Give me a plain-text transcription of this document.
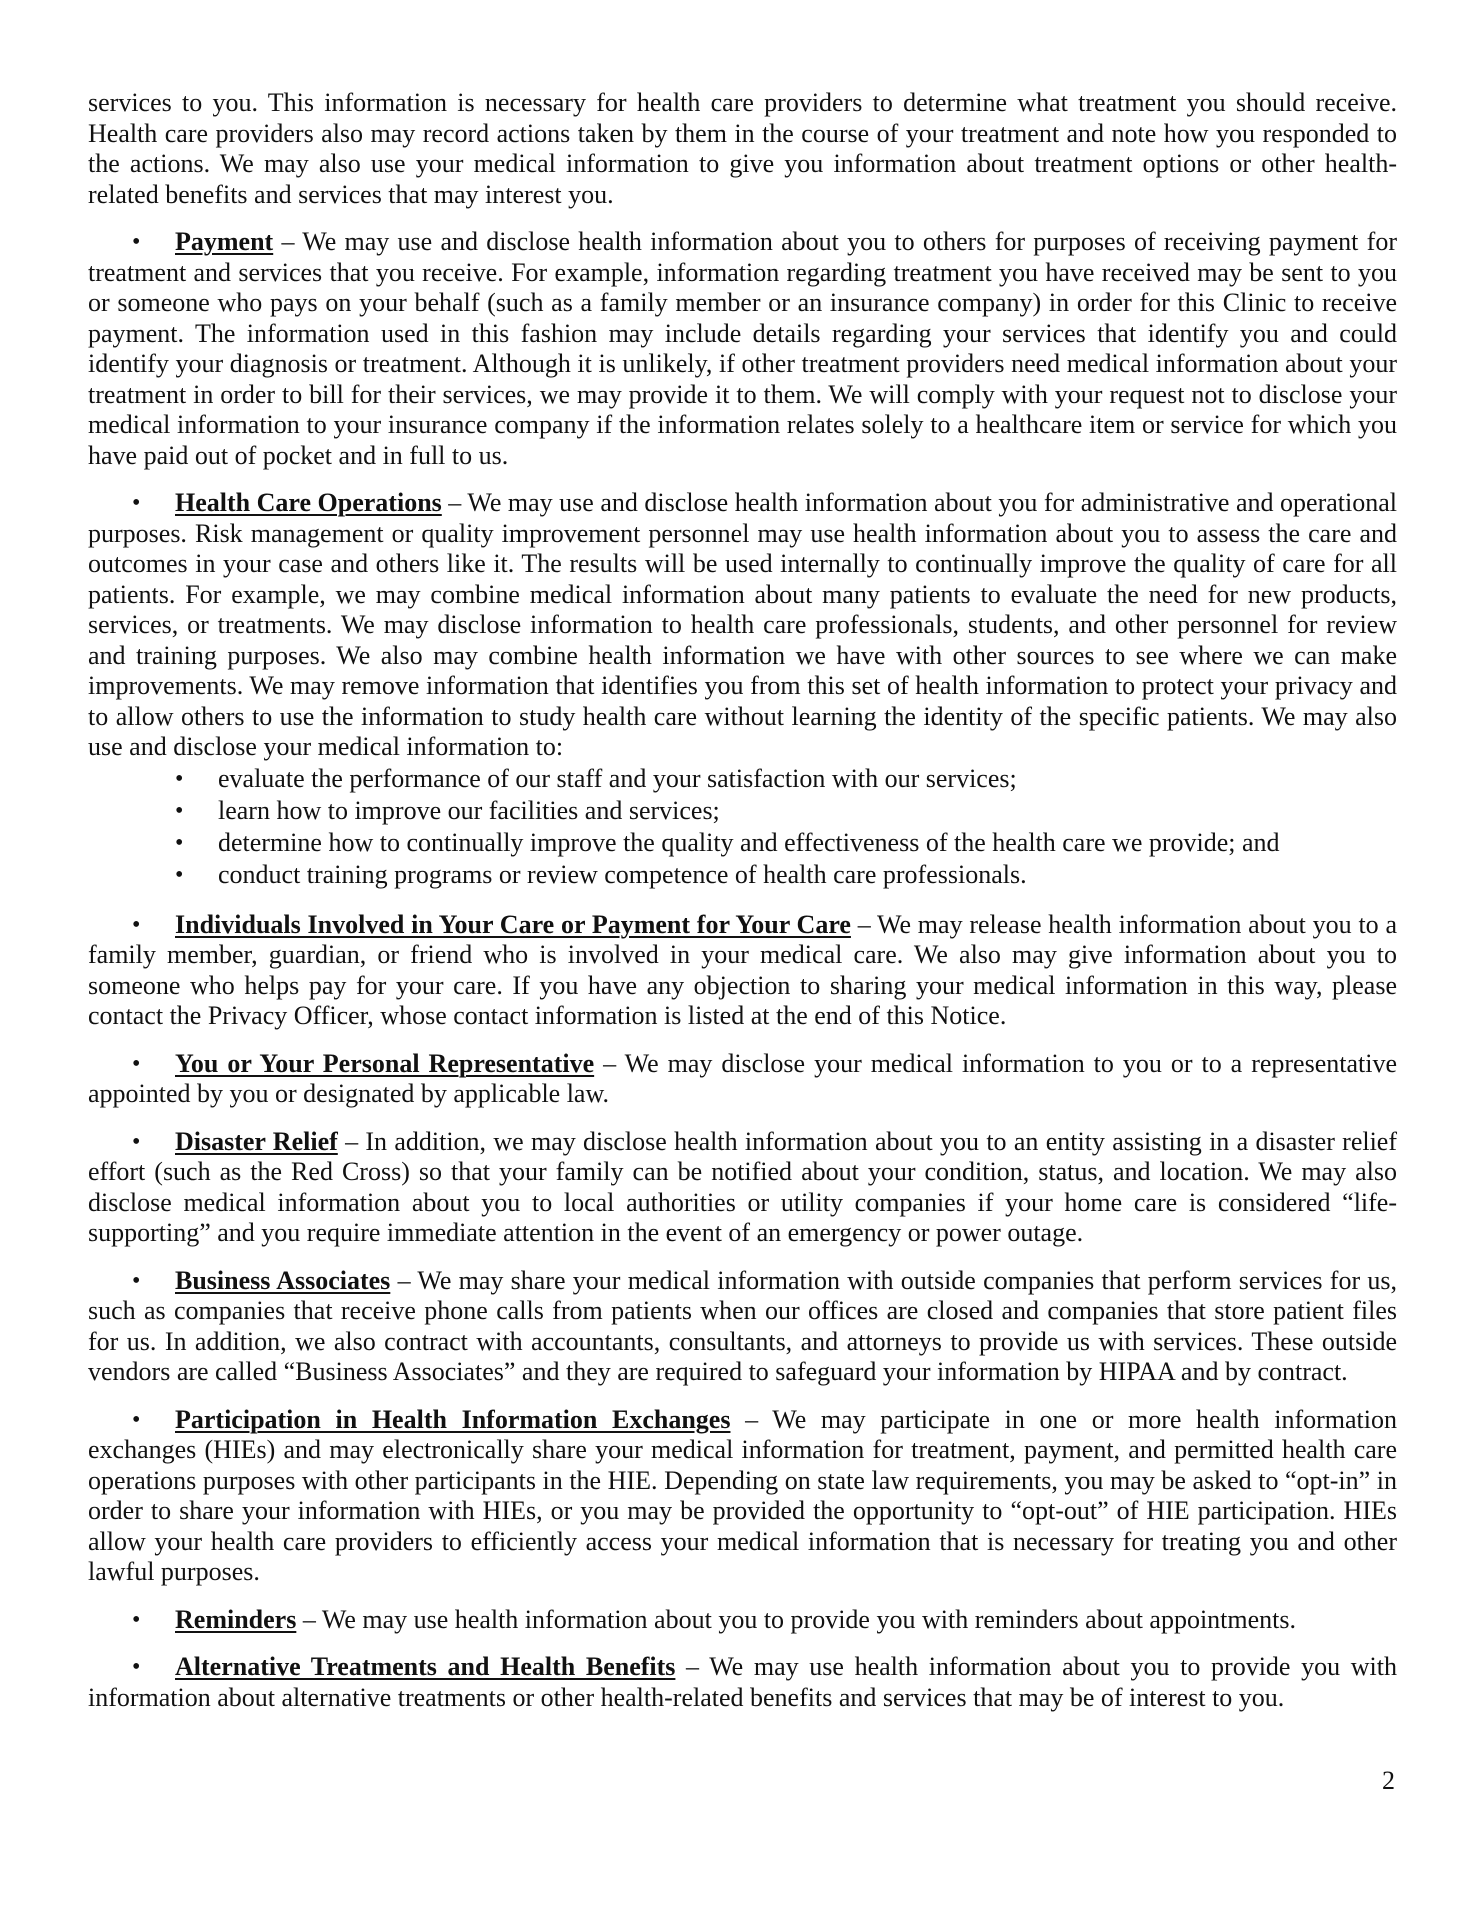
services to you. This information is necessary for health care providers to determine what treatment you should receive. Health care providers also may record actions taken by them in the course of your treatment and note how you responded to the actions. We may also use your medical information to give you information about treatment options or other health-related benefits and services that may interest you.

• Payment – We may use and disclose health information about you to others for purposes of receiving payment for treatment and services that you receive. For example, information regarding treatment you have received may be sent to you or someone who pays on your behalf (such as a family member or an insurance company) in order for this Clinic to receive payment. The information used in this fashion may include details regarding your services that identify you and could identify your diagnosis or treatment. Although it is unlikely, if other treatment providers need medical information about your treatment in order to bill for their services, we may provide it to them. We will comply with your request not to disclose your medical information to your insurance company if the information relates solely to a healthcare item or service for which you have paid out of pocket and in full to us.

• Health Care Operations – We may use and disclose health information about you for administrative and operational purposes. Risk management or quality improvement personnel may use health information about you to assess the care and outcomes in your case and others like it. The results will be used internally to continually improve the quality of care for all patients. For example, we may combine medical information about many patients to evaluate the need for new products, services, or treatments. We may disclose information to health care professionals, students, and other personnel for review and training purposes. We also may combine health information we have with other sources to see where we can make improvements. We may remove information that identifies you from this set of health information to protect your privacy and to allow others to use the information to study health care without learning the identity of the specific patients. We may also use and disclose your medical information to:

• evaluate the performance of our staff and your satisfaction with our services;
• learn how to improve our facilities and services;
• determine how to continually improve the quality and effectiveness of the health care we provide; and
• conduct training programs or review competence of health care professionals.

• Individuals Involved in Your Care or Payment for Your Care – We may release health information about you to a family member, guardian, or friend who is involved in your medical care. We also may give information about you to someone who helps pay for your care. If you have any objection to sharing your medical information in this way, please contact the Privacy Officer, whose contact information is listed at the end of this Notice.

• You or Your Personal Representative – We may disclose your medical information to you or to a representative appointed by you or designated by applicable law.

• Disaster Relief – In addition, we may disclose health information about you to an entity assisting in a disaster relief effort (such as the Red Cross) so that your family can be notified about your condition, status, and location. We may also disclose medical information about you to local authorities or utility companies if your home care is considered “life-supporting” and you require immediate attention in the event of an emergency or power outage.

• Business Associates – We may share your medical information with outside companies that perform services for us, such as companies that receive phone calls from patients when our offices are closed and companies that store patient files for us. In addition, we also contract with accountants, consultants, and attorneys to provide us with services. These outside vendors are called “Business Associates” and they are required to safeguard your information by HIPAA and by contract.

• Participation in Health Information Exchanges – We may participate in one or more health information exchanges (HIEs) and may electronically share your medical information for treatment, payment, and permitted health care operations purposes with other participants in the HIE. Depending on state law requirements, you may be asked to “opt-in” in order to share your information with HIEs, or you may be provided the opportunity to “opt-out” of HIE participation. HIEs allow your health care providers to efficiently access your medical information that is necessary for treating you and other lawful purposes.

• Reminders – We may use health information about you to provide you with reminders about appointments.

• Alternative Treatments and Health Benefits – We may use health information about you to provide you with information about alternative treatments or other health-related benefits and services that may be of interest to you.

2
